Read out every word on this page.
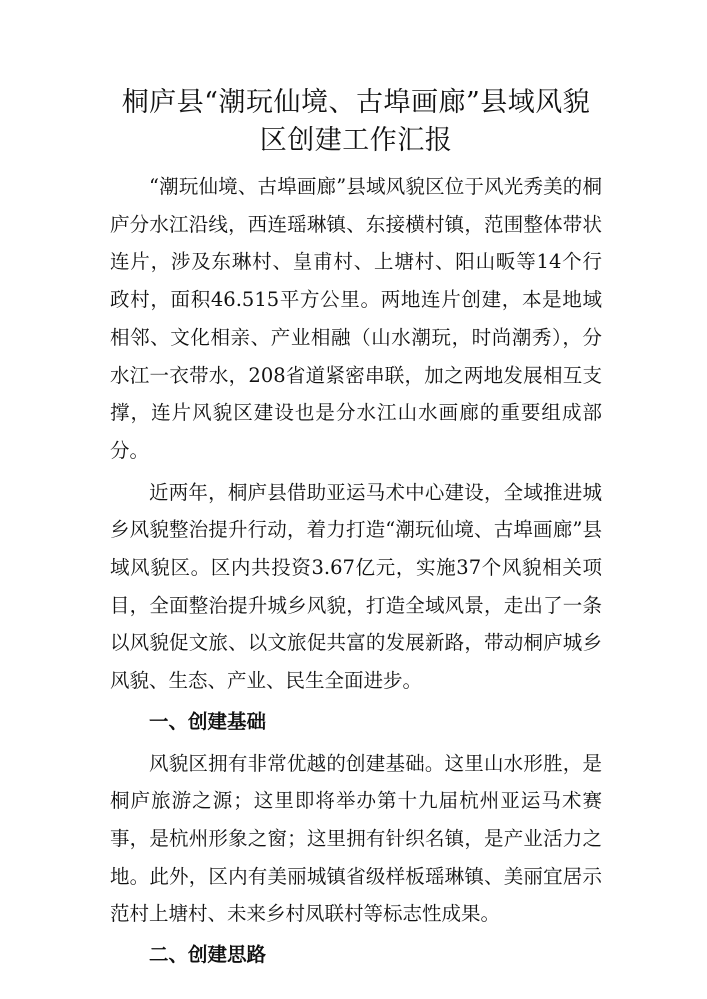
桐庐县“潮玩仙境、古埠画廊”县域风貌区创建工作汇报

“潮玩仙境、古埠画廊”县域风貌区位于风光秀美的桐庐分水江沿线，西连瑶琳镇、东接横村镇，范围整体带状连片，涉及东琳村、皇甫村、上塘村、阳山畈等14个行政村，面积46.515平方公里。两地连片创建，本是地域相邻、文化相亲、产业相融（山水潮玩，时尚潮秀），分水江一衣带水，208省道紧密串联，加之两地发展相互支撑，连片风貌区建设也是分水江山水画廊的重要组成部分。

近两年，桐庐县借助亚运马术中心建设，全域推进城乡风貌整治提升行动，着力打造“潮玩仙境、古埠画廊”县域风貌区。区内共投资3.67亿元，实施37个风貌相关项目，全面整治提升城乡风貌，打造全域风景，走出了一条以风貌促文旅、以文旅促共富的发展新路，带动桐庐城乡风貌、生态、产业、民生全面进步。

一、创建基础

风貌区拥有非常优越的创建基础。这里山水形胜，是桐庐旅游之源；这里即将举办第十九届杭州亚运马术赛事，是杭州形象之窗；这里拥有针织名镇，是产业活力之地。此外，区内有美丽城镇省级样板瑶琳镇、美丽宜居示范村上塘村、未来乡村凤联村等标志性成果。

二、创建思路
